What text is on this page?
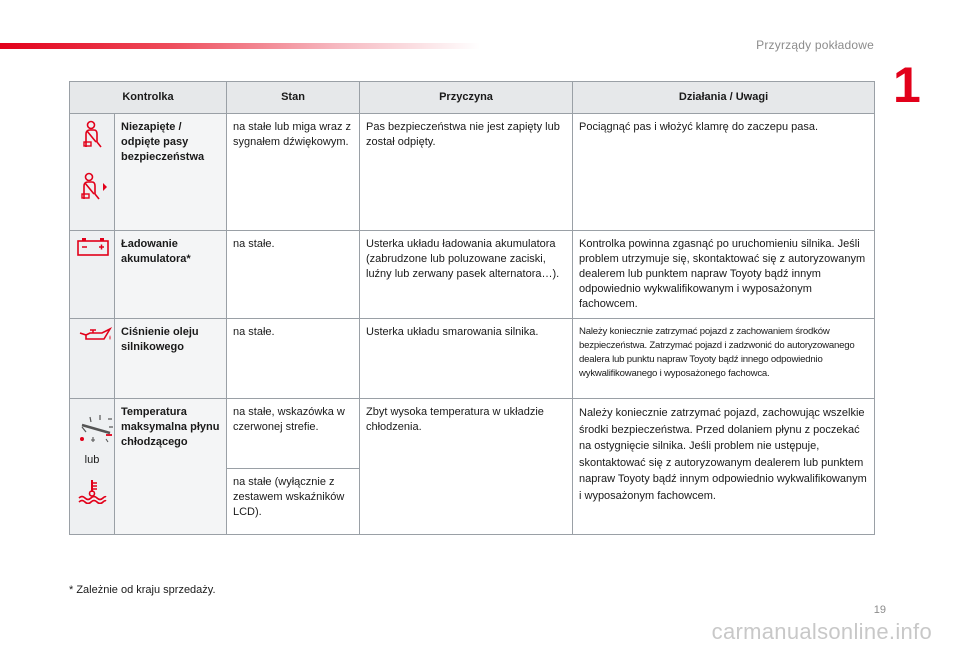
Przyrządy pokładowe
1
Kontrolka		Stan	Przyczyna	Działania / Uwagi

	Niezapięte / odpięte pasy bezpieczeństwa	na stałe lub miga wraz z sygnałem dźwiękowym.	Pas bezpieczeństwa nie jest zapięty lub został odpięty.	Pociągnąć pas i włożyć klamrę do zaczepu pasa.

	Ładowanie akumulatora*	na stałe.	Usterka układu ładowania akumulatora (zabrudzone lub poluzowane zaciski, luźny lub zerwany pasek alternatora…).	Kontrolka powinna zgasnąć po uruchomieniu silnika. Jeśli problem utrzymuje się, skontaktować się z autoryzowanym dealerem lub punktem napraw Toyoty bądź innym odpowiednio wykwalifikowanym i wyposażonym fachowcem.

	Ciśnienie oleju silnikowego	na stałe.	Usterka układu smarowania silnika.	Należy koniecznie zatrzymać pojazd z zachowaniem środków bezpieczeństwa. Zatrzymać pojazd i zadzwonić do autoryzowanego dealera lub punktu napraw Toyoty bądź innego odpowiednio wykwalifikowanego i wyposażonego fachowca.

lub	Temperatura maksymalna płynu chłodzącego	na stałe, wskazówka w czerwonej strefie.	Zbyt wysoka temperatura w układzie chłodzenia.	Należy koniecznie zatrzymać pojazd, zachowując wszelkie środki bezpieczeństwa. Przed dolaniem płynu z poczekać na ostygnięcie silnika. Jeśli problem nie ustępuje, skontaktować się z autoryzowanym dealerem lub punktem napraw Toyoty bądź innym odpowiednio wykwalifikowanym i wyposażonym fachowcem.
		na stałe (wyłącznie z zestawem wskaźników LCD).		
* Zależnie od kraju sprzedaży.
19
carmanualsonline.info
